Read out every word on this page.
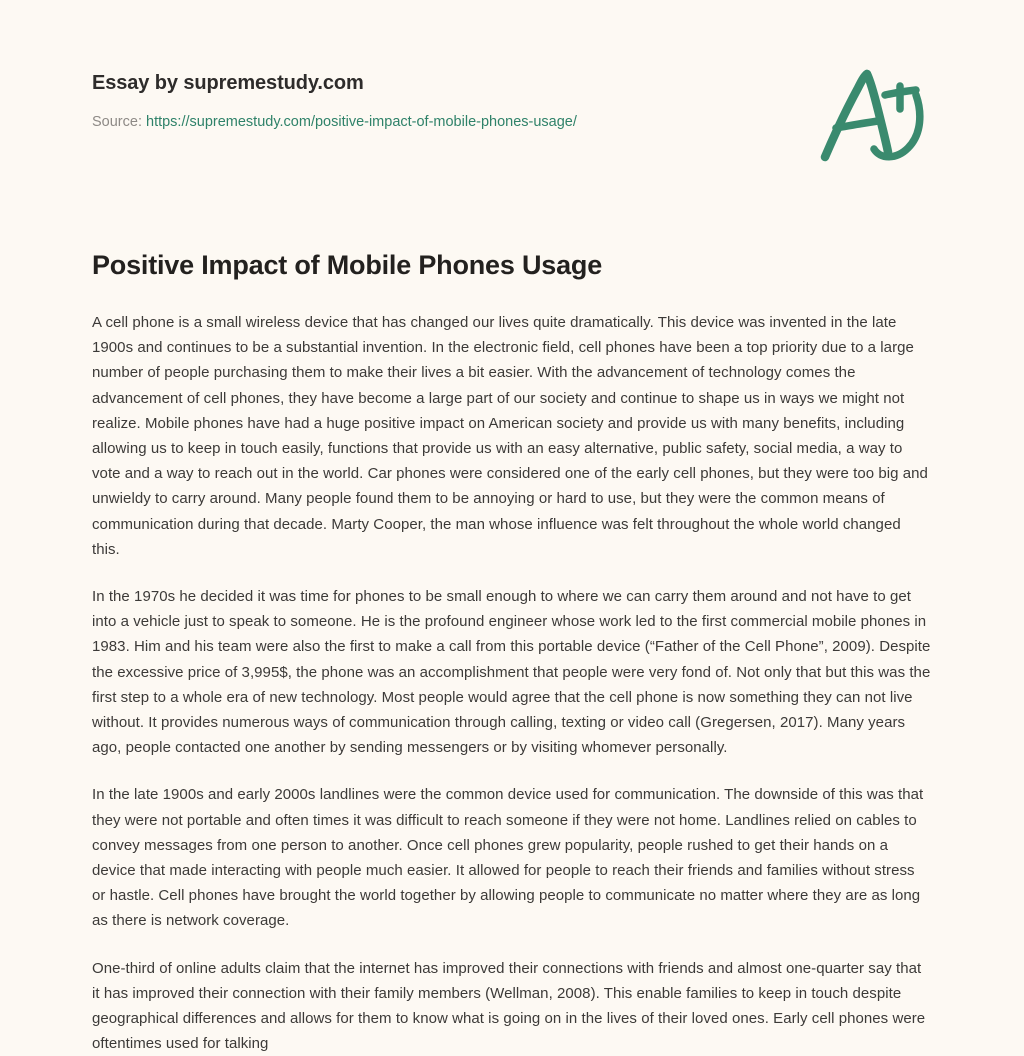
Essay by supremestudy.com
Source: https://supremestudy.com/positive-impact-of-mobile-phones-usage/
Positive Impact of Mobile Phones Usage

A cell phone is a small wireless device that has changed our lives quite dramatically. This device was invented in the late 1900s and continues to be a substantial invention. In the electronic field, cell phones have been a top priority due to a large number of people purchasing them to make their lives a bit easier. With the advancement of technology comes the advancement of cell phones, they have become a large part of our society and continue to shape us in ways we might not realize. Mobile phones have had a huge positive impact on American society and provide us with many benefits, including allowing us to keep in touch easily, functions that provide us with an easy alternative, public safety, social media, a way to vote and a way to reach out in the world. Car phones were considered one of the early cell phones, but they were too big and unwieldy to carry around. Many people found them to be annoying or hard to use, but they were the common means of communication during that decade. Marty Cooper, the man whose influence was felt throughout the whole world changed this.

In the 1970s he decided it was time for phones to be small enough to where we can carry them around and not have to get into a vehicle just to speak to someone. He is the profound engineer whose work led to the first commercial mobile phones in 1983. Him and his team were also the first to make a call from this portable device (“Father of the Cell Phone”, 2009). Despite the excessive price of 3,995$, the phone was an accomplishment that people were very fond of. Not only that but this was the first step to a whole era of new technology. Most people would agree that the cell phone is now something they can not live without. It provides numerous ways of communication through calling, texting or video call (Gregersen, 2017). Many years ago, people contacted one another by sending messengers or by visiting whomever personally.

In the late 1900s and early 2000s landlines were the common device used for communication. The downside of this was that they were not portable and often times it was difficult to reach someone if they were not home. Landlines relied on cables to convey messages from one person to another. Once cell phones grew popularity, people rushed to get their hands on a device that made interacting with people much easier. It allowed for people to reach their friends and families without stress or hastle. Cell phones have brought the world together by allowing people to communicate no matter where they are as long as there is network coverage.

One-third of online adults claim that the internet has improved their connections with friends and almost one-quarter say that it has improved their connection with their family members (Wellman, 2008). This enable families to keep in touch despite geographical differences and allows for them to know what is going on in the lives of their loved ones. Early cell phones were oftentimes used for talking
